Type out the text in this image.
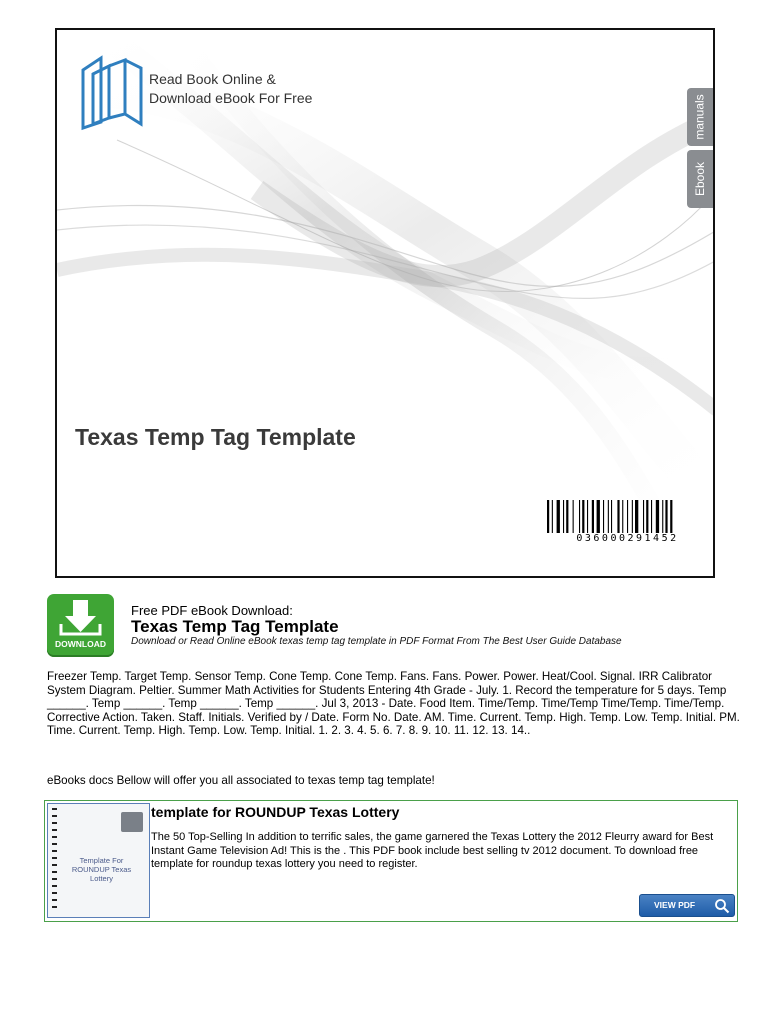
Read Book Online &
Download eBook For Free	manuals
Ebook
Texas Temp Tag Template
036000291452
DOWNLOAD
Free PDF eBook Download:
Texas Temp Tag Template
Download or Read Online eBook texas temp tag template in PDF Format From The Best User Guide Database
Freezer Temp. Target Temp. Sensor Temp. Cone Temp. Cone Temp. Fans. Fans. Power. Power. Heat/Cool. Signal. IRR Calibrator System Diagram. Peltier. Summer Math Activities for Students Entering 4th Grade - July. 1. Record the temperature for 5 days. Temp ______. Temp ______. Temp ______. Temp ______. Jul 3, 2013 - Date. Food Item. Time/Temp. Time/Temp Time/Temp. Time/Temp. Corrective Action. Taken. Staff. Initials. Verified by / Date. Form No. Date. AM. Time. Current. Temp. High. Temp. Low. Temp. Initial. PM. Time. Current. Temp. High. Temp. Low. Temp. Initial. 1. 2. 3. 4. 5. 6. 7. 8. 9. 10. 11. 12. 13. 14..
eBooks docs Bellow will offer you all associated to texas temp tag template!
Template For
ROUNDUP Texas
Lottery
template for ROUNDUP Texas Lottery
The 50 Top-Selling In addition to terrific sales, the game garnered the Texas Lottery the 2012 Fleurry award for Best Instant Game Television Ad! This is the . This PDF book include best selling tv 2012 document. To download free template for roundup texas lottery you need to register.
VIEW PDF
